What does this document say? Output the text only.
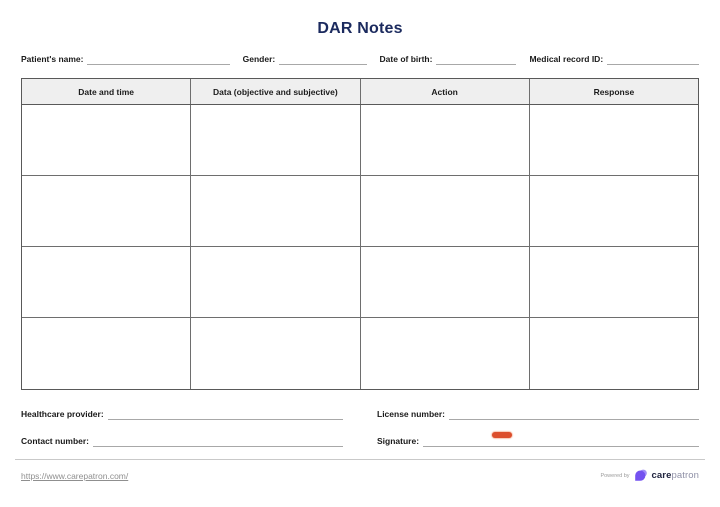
DAR Notes
Patient's name:	Gender:	Date of birth:	Medical record ID:
Date and time	Data (objective and subjective)	Action	Response
Healthcare provider:	License number:
Contact number:	Signature:
https://www.carepatron.com/	Powered by carepatron
